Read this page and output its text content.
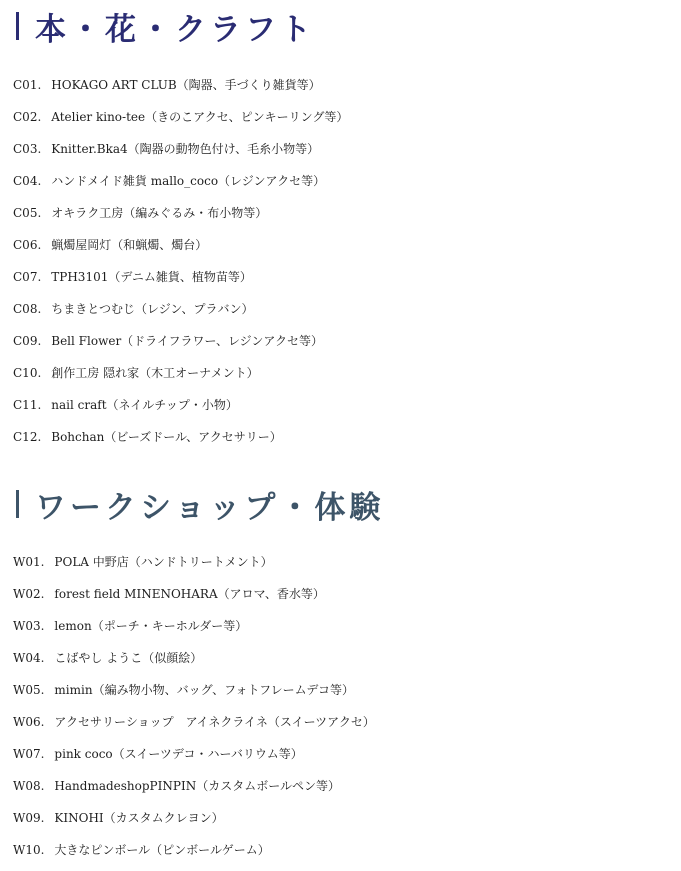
本・花・クラフト
C01. HOKAGO ART CLUB（陶器、手づくり雑貨等）
C02. Atelier kino-tee（きのこアクセ、ピンキーリング等）
C03. Knitter.Bka4（陶器の動物色付け、毛糸小物等）
C04. ハンドメイド雑貨 mallo_coco（レジンアクセ等）
C05. オキラク工房（編みぐるみ・布小物等）
C06. 蝋燭屋岡灯（和蝋燭、燭台）
C07. TPH3101（デニム雑貨、植物苗等）
C08. ちまきとつむじ（レジン、プラバン）
C09. Bell Flower（ドライフラワー、レジンアクセ等）
C10. 創作工房 隠れ家（木工オーナメント）
C11. nail craft（ネイルチップ・小物）
C12. Bohchan（ビーズドール、アクセサリー）
ワークショップ・体験
W01. POLA 中野店（ハンドトリートメント）
W02. forest field MINENOHARA（アロマ、香水等）
W03. lemon（ポーチ・キーホルダー等）
W04. こばやし ようこ（似顔絵）
W05. mimin（編み物小物、バッグ、フォトフレームデコ等）
W06. アクセサリーショップ　アイネクライネ（スイーツアクセ）
W07. pink coco（スイーツデコ・ハーバリウム等）
W08. HandmadeshopPINPIN（カスタムボールペン等）
W09. KINOHI（カスタムクレヨン）
W10. 大きなピンボール（ピンボールゲーム）
